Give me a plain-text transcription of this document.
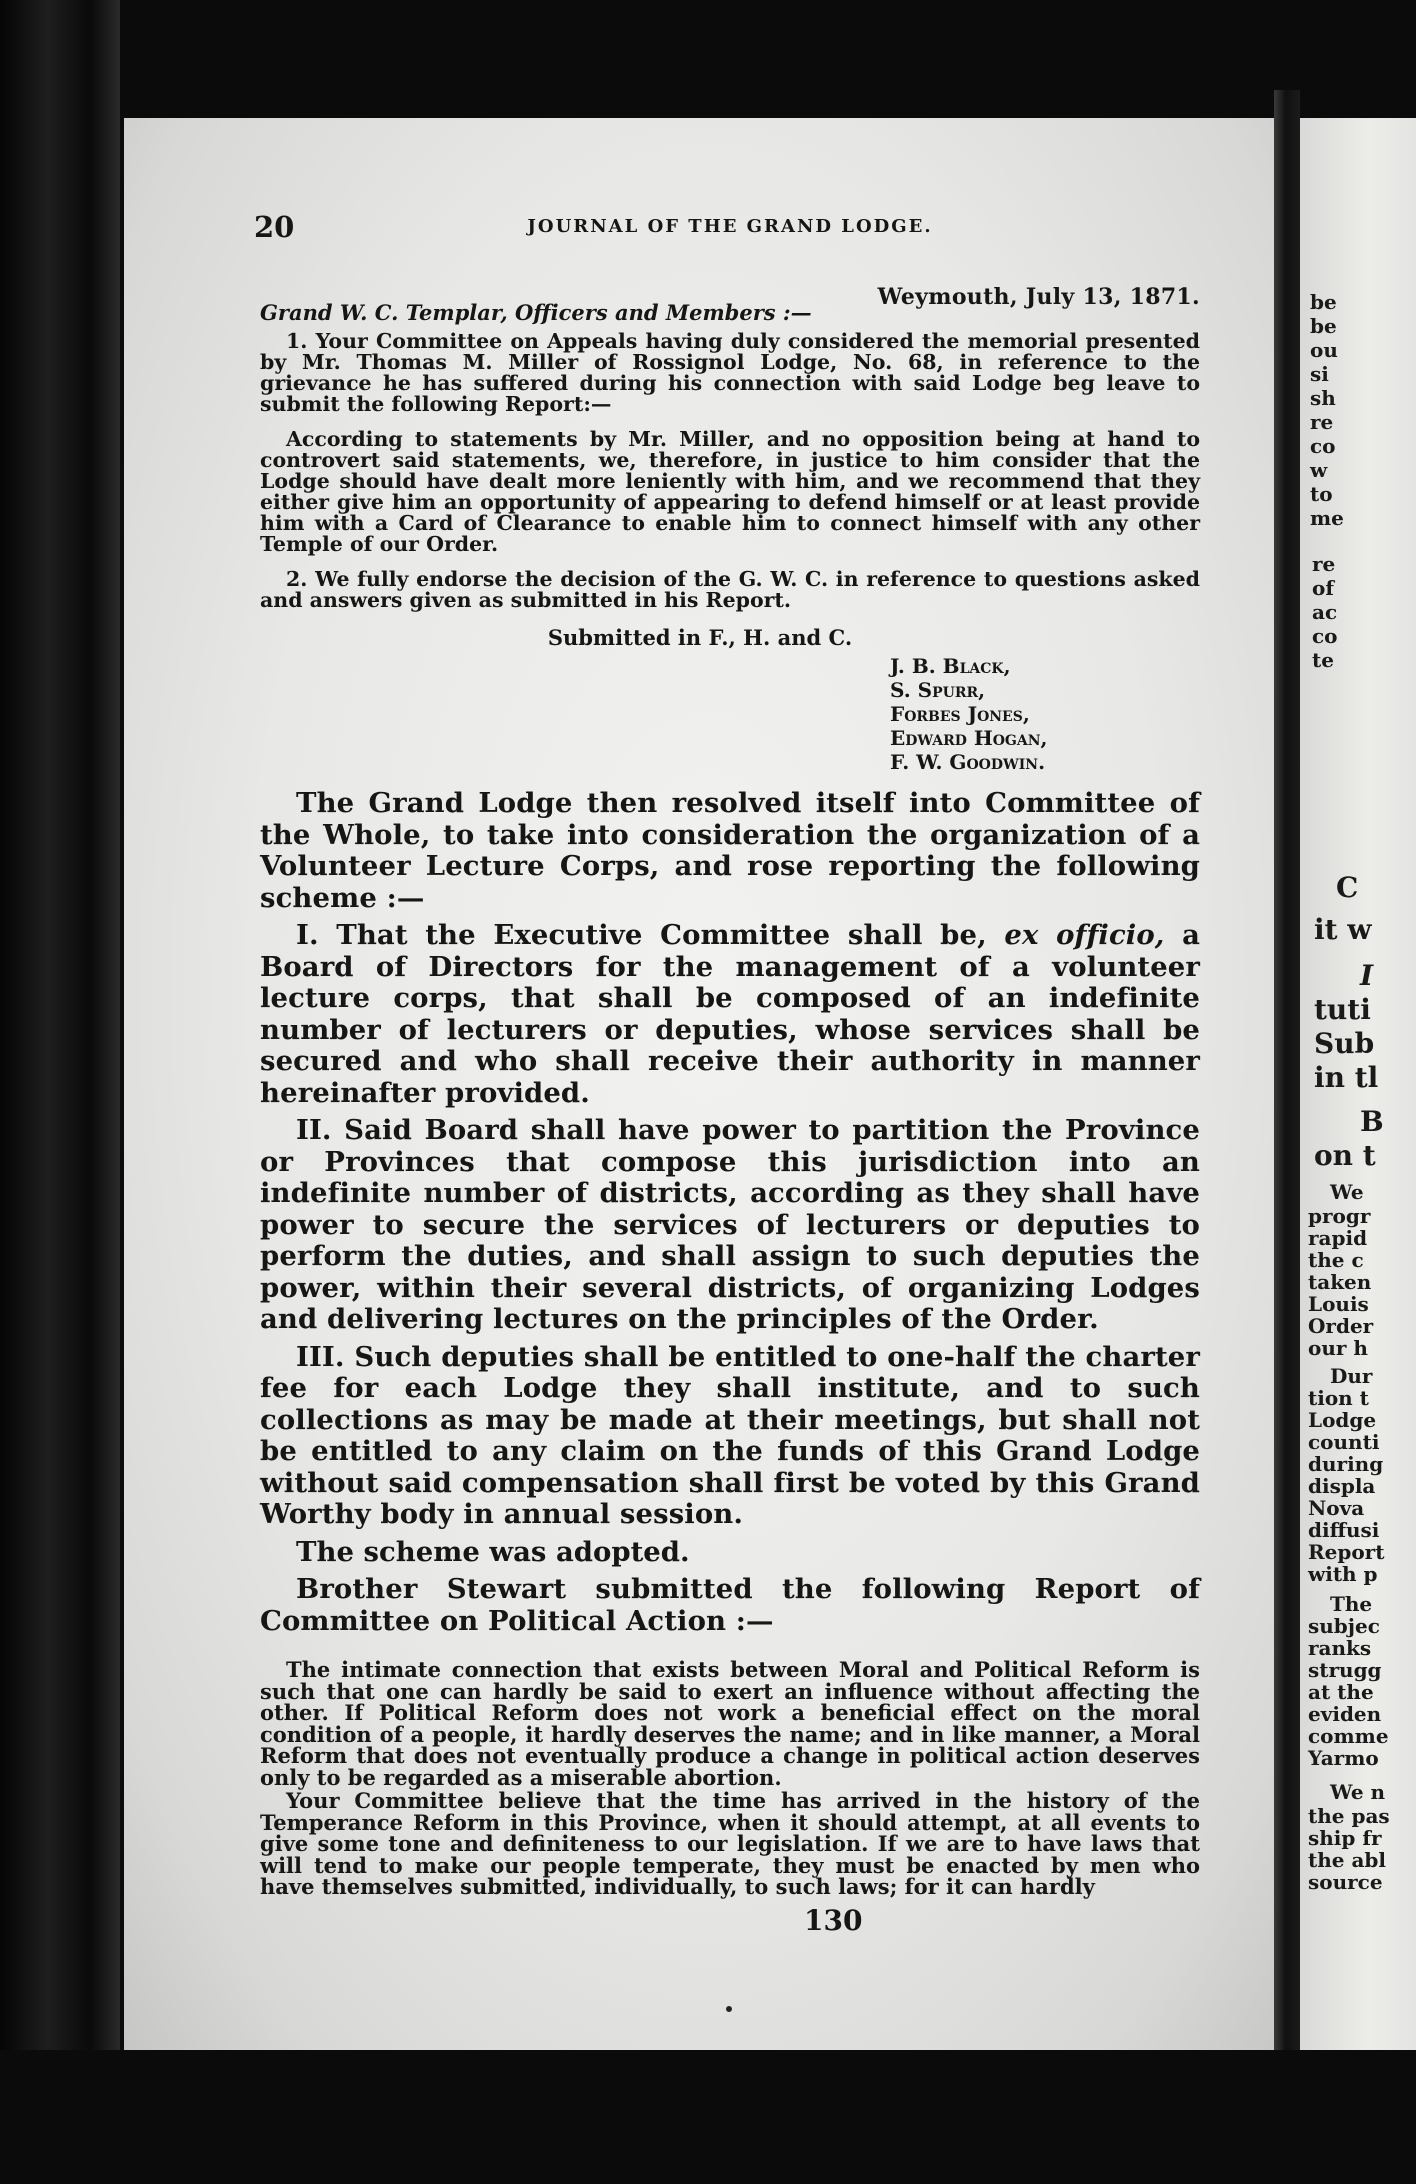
20	JOURNAL OF THE GRAND LODGE.
Weymouth, July 13, 1871.
Grand W. C. Templar, Officers and Members :—

1. Your Committee on Appeals having duly considered the memorial presented by Mr. Thomas M. Miller of Rossignol Lodge, No. 68, in reference to the grievance he has suffered during his connection with said Lodge beg leave to submit the following Report:—

According to statements by Mr. Miller, and no opposition being at hand to controvert said statements, we, therefore, in justice to him consider that the Lodge should have dealt more leniently with him, and we recommend that they either give him an opportunity of appearing to defend himself or at least provide him with a Card of Clearance to enable him to connect himself with any other Temple of our Order.

2. We fully endorse the decision of the G. W. C. in reference to questions asked and answers given as submitted in his Report.

Submitted in F., H. and C.
J. B. Black,
S. Spurr,
Forbes Jones,
Edward Hogan,
F. W. Goodwin.

The Grand Lodge then resolved itself into Committee of the Whole, to take into consideration the organization of a Volunteer Lecture Corps, and rose reporting the following scheme :—

I. That the Executive Committee shall be, ex officio, a Board of Directors for the management of a volunteer lecture corps, that shall be composed of an indefinite number of lecturers or deputies, whose services shall be secured and who shall receive their authority in manner hereinafter provided.

II. Said Board shall have power to partition the Province or Provinces that compose this jurisdiction into an indefinite number of districts, according as they shall have power to secure the services of lecturers or deputies to perform the duties, and shall assign to such deputies the power, within their several districts, of organizing Lodges and delivering lectures on the principles of the Order.

III. Such deputies shall be entitled to one-half the charter fee for each Lodge they shall institute, and to such collections as may be made at their meetings, but shall not be entitled to any claim on the funds of this Grand Lodge without said compensation shall first be voted by this Grand Worthy body in annual session.

The scheme was adopted.

Brother Stewart submitted the following Report of Committee on Political Action :—

The intimate connection that exists between Moral and Political Reform is such that one can hardly be said to exert an influence without affecting the other. If Political Reform does not work a beneficial effect on the moral condition of a people, it hardly deserves the name; and in like manner, a Moral Reform that does not eventually produce a change in political action deserves only to be regarded as a miserable abortion.

Your Committee believe that the time has arrived in the history of the Temperance Reform in this Province, when it should attempt, at all events to give some tone and definiteness to our legislation. If we are to have laws that will tend to make our people temperate, they must be enacted by men who have themselves submitted, individually, to such laws; for it can hardly

130
be
be
ou
si
sh
re
co
w
to
me
re
of
ac
co
te
C
it w
I
tuti
Sub
in tl
B
on t
We
progr
rapid
the c
taken
Louis
Order
our h
Dur
tion t
Lodge
counti
during
displa
Nova
diffusi
Report
with p
The
subjec
ranks
strugg
at the
eviden
comme
Yarmo
We n
the pas
ship fr
the abl
source
